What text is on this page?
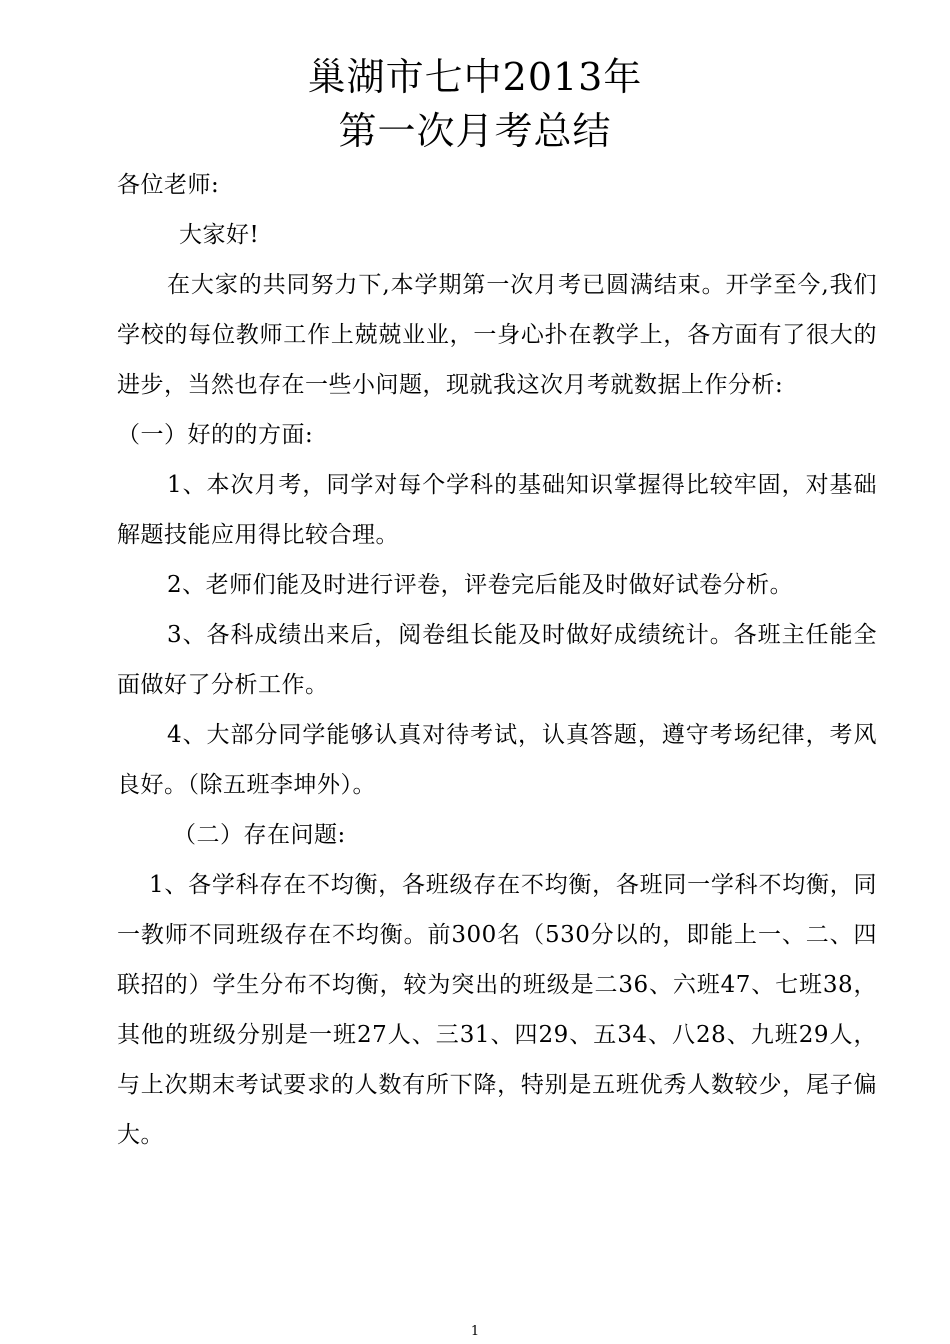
巢湖市七中2013年
第一次月考总结

各位老师:

大家好!

在大家的共同努力下,本学期第一次月考已圆满结束。开学至今,我们学校的每位教师工作上兢兢业业，一身心扑在教学上，各方面有了很大的进步，当然也存在一些小问题，现就我这次月考就数据上作分析:

（一）好的的方面:

1、本次月考，同学对每个学科的基础知识掌握得比较牢固，对基础解题技能应用得比较合理。

2、老师们能及时进行评卷，评卷完后能及时做好试卷分析。

3、各科成绩出来后，阅卷组长能及时做好成绩统计。各班主任能全面做好了分析工作。

4、大部分同学能够认真对待考试，认真答题，遵守考场纪律，考风良好。（除五班李坤外）。

（二）存在问题:

1、各学科存在不均衡，各班级存在不均衡，各班同一学科不均衡，同一教师不同班级存在不均衡。前300名（530分以的，即能上一、二、四联招的）学生分布不均衡，较为突出的班级是二36、六班47、七班38，其他的班级分别是一班27人、三31、四29、五34、八28、九班29人，与上次期末考试要求的人数有所下降，特别是五班优秀人数较少，尾子偏大。

1
